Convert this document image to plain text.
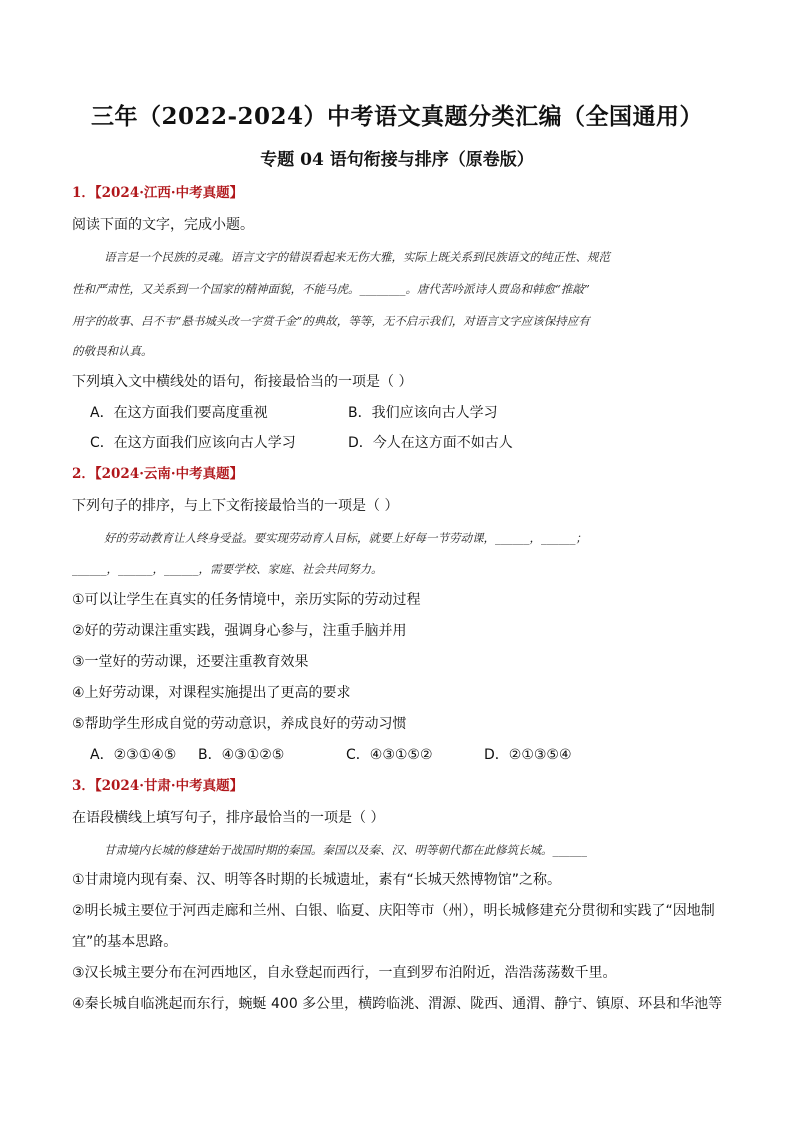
三年（2022-2024）中考语文真题分类汇编（全国通用）
专题 04 语句衔接与排序（原卷版）
1．【2024·江西·中考真题】
阅读下面的文字，完成小题。
语言是一个民族的灵魂。语言文字的错误看起来无伤大雅，实际上既关系到民族语文的纯正性、规范
性和严肃性，又关系到一个国家的精神面貌，不能马虎。________。唐代苦吟派诗人贾岛和韩愈“推敲”
用字的故事、吕不韦“悬书城头改一字赏千金”的典故，等等，无不启示我们，对语言文字应该保持应有
的敬畏和认真。
下列填入文中横线处的语句，衔接最恰当的一项是（ ）
A．在这方面我们要高度重视	B．我们应该向古人学习
C．在这方面我们应该向古人学习	D．今人在这方面不如古人
2．【2024·云南·中考真题】
下列句子的排序，与上下文衔接最恰当的一项是（ ）
好的劳动教育让人终身受益。要实现劳动育人目标，就要上好每一节劳动课，______，______；
______，______，______，需要学校、家庭、社会共同努力。
①可以让学生在真实的任务情境中，亲历实际的劳动过程
②好的劳动课注重实践，强调身心参与，注重手脑并用
③一堂好的劳动课，还要注重教育效果
④上好劳动课，对课程实施提出了更高的要求
⑤帮助学生形成自觉的劳动意识，养成良好的劳动习惯
A．②③①④⑤ B．④③①②⑤	C．④③①⑤②	D．②①③⑤④
3．【2024·甘肃·中考真题】
在语段横线上填写句子，排序最恰当的一项是（ ）
甘肃境内长城的修建始于战国时期的秦国。秦国以及秦、汉、明等朝代都在此修筑长城。______
①甘肃境内现有秦、汉、明等各时期的长城遗址，素有“长城天然博物馆”之称。
②明长城主要位于河西走廊和兰州、白银、临夏、庆阳等市（州），明长城修建充分贯彻和实践了“因地制
宜”的基本思路。
③汉长城主要分布在河西地区，自永登起而西行，一直到罗布泊附近，浩浩荡荡数千里。
④秦长城自临洮起而东行，蜿蜒 400 多公里，横跨临洮、渭源、陇西、通渭、静宁、镇原、环县和华池等
